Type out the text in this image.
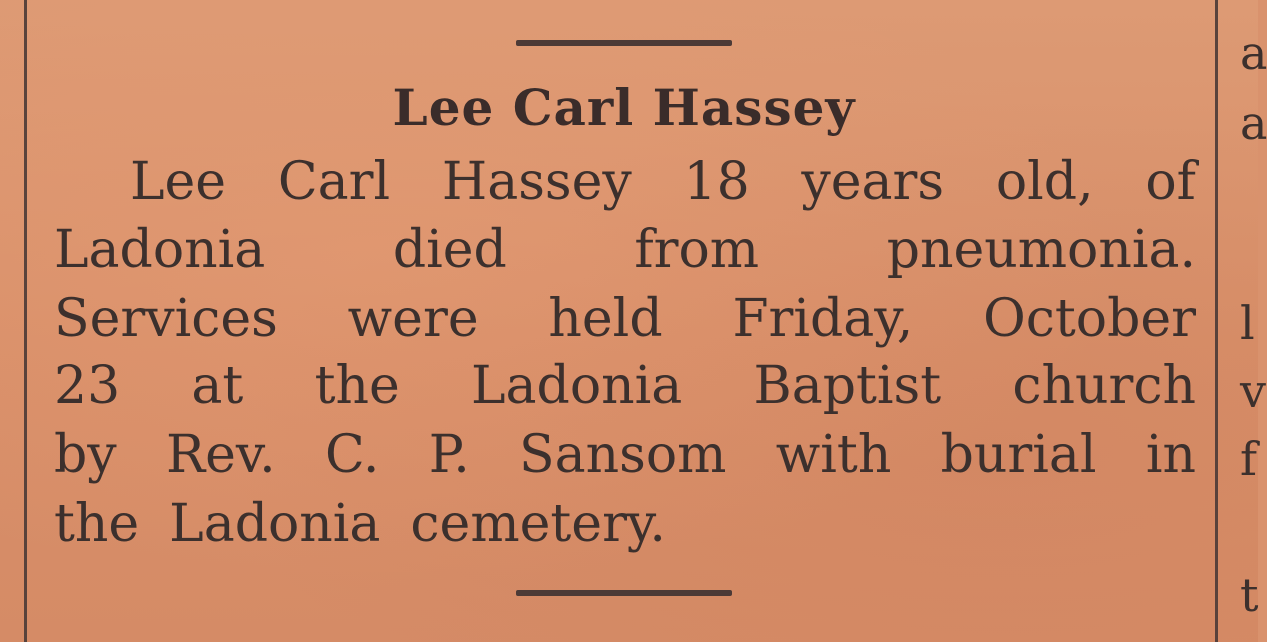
a
a
l
v
f
t
Lee Carl Hassey
Lee Carl Hassey 18 years old, of
Ladonia died from pneumonia.
Services were held Friday, October
23 at the Ladonia Baptist church
by Rev. C. P. Sansom with burial in
the Ladonia cemetery.
